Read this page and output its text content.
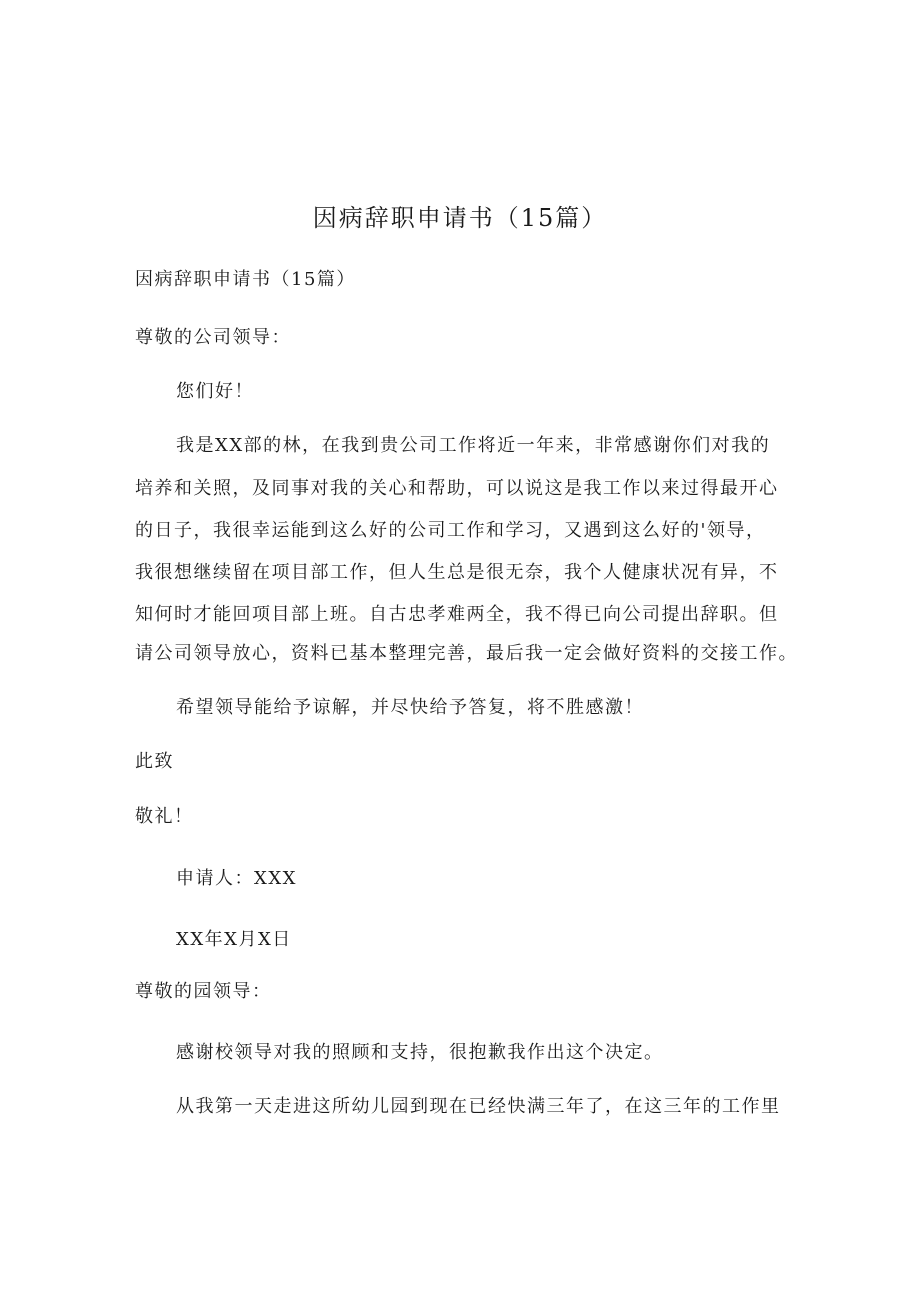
因病辞职申请书（15篇）
因病辞职申请书（15篇）
尊敬的公司领导：
您们好！
我是XX部的林，在我到贵公司工作将近一年来，非常感谢你们对我的
培养和关照，及同事对我的关心和帮助，可以说这是我工作以来过得最开心
的日子，我很幸运能到这么好的公司工作和学习，又遇到这么好的'领导，
我很想继续留在项目部工作，但人生总是很无奈，我个人健康状况有异，不
知何时才能回项目部上班。自古忠孝难两全，我不得已向公司提出辞职。但
请公司领导放心，资料已基本整理完善，最后我一定会做好资料的交接工作。
希望领导能给予谅解，并尽快给予答复，将不胜感激！
此致
敬礼！
申请人：XXX
XX年X月X日
尊敬的园领导：
感谢校领导对我的照顾和支持，很抱歉我作出这个决定。
从我第一天走进这所幼儿园到现在已经快满三年了，在这三年的工作里
